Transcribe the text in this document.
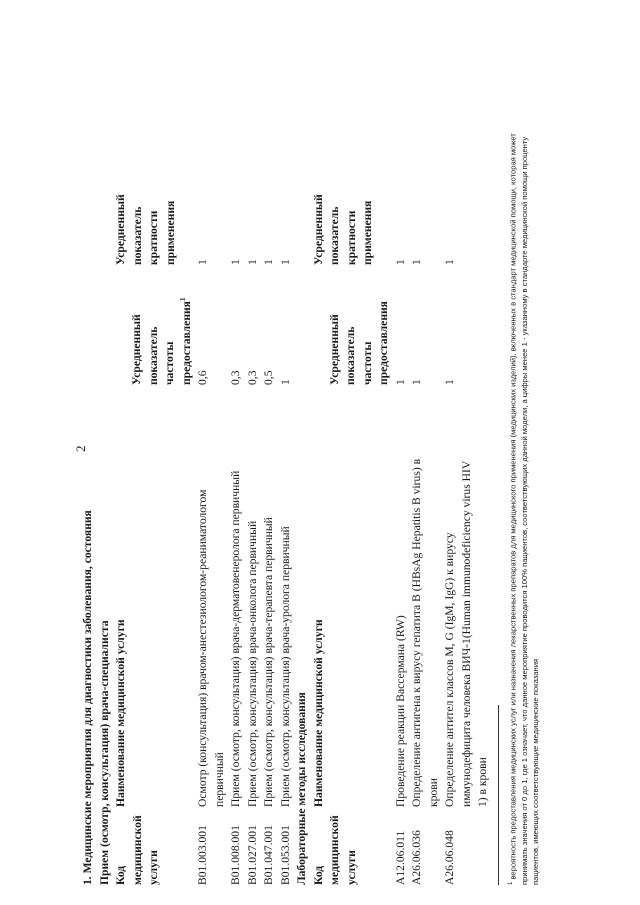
2
1. Медицинские мероприятия для диагностики заболевания, состояния Прием (осмотр, консультация) врача-специалиста Код медицинской услуги
Наименование медицинской услуги
Усредненный показатель частоты предоставления$^1$
Усредненный показатель кратности применения
B01.003.001
Осмотр (консультация) врачом-анестезиологом-реаниматологом первичный
0,6
1
B01.008.001
Прием (осмотр, консультация) врача-дерматовенеролога первичный
0,3
1
B01.027.001
Прием (осмотр, консультация) врача-онколога первичный
0,3
1
B01.047.001
Прием (осмотр, консультация) врача-терапевта первичный
0,5
1
B01.053.001
Прием (осмотр, консультация) врача-уролога первичный
1
1
Лабораторные методы исследования Код медицинской услуги
Наименование медицинской услуги
Усредненный показатель частоты предоставления
Усредненный показатель кратности применения
A12.06.011
Проведение реакции Вассермана (RW)
1
1
A26.06.036
Определение антигена к вирусу гепатита B (HBsAg Hepatitis B virus) в крови
1
1
A26.06.048
Определение антител классов M, G (IgM, IgG) к вирусу иммунодефицита человека ВИЧ-1(Human immunodeficiency virus HIV 1) в крови
1
1
$^1$ вероятность предоставления медицинских услуг или назначения лекарственных препаратов для медицинского применения (медицинских изделий), включенных в стандарт медицинской помощи, которая может принимать значения от 0 до 1, где 1 означает, что данное мероприятие проводится 100% пациентов, соответствующих данной модели, а цифры менее 1 - указанному в стандарте медицинской помощи проценту пациентов, имеющих соответствующие медицинские показания
